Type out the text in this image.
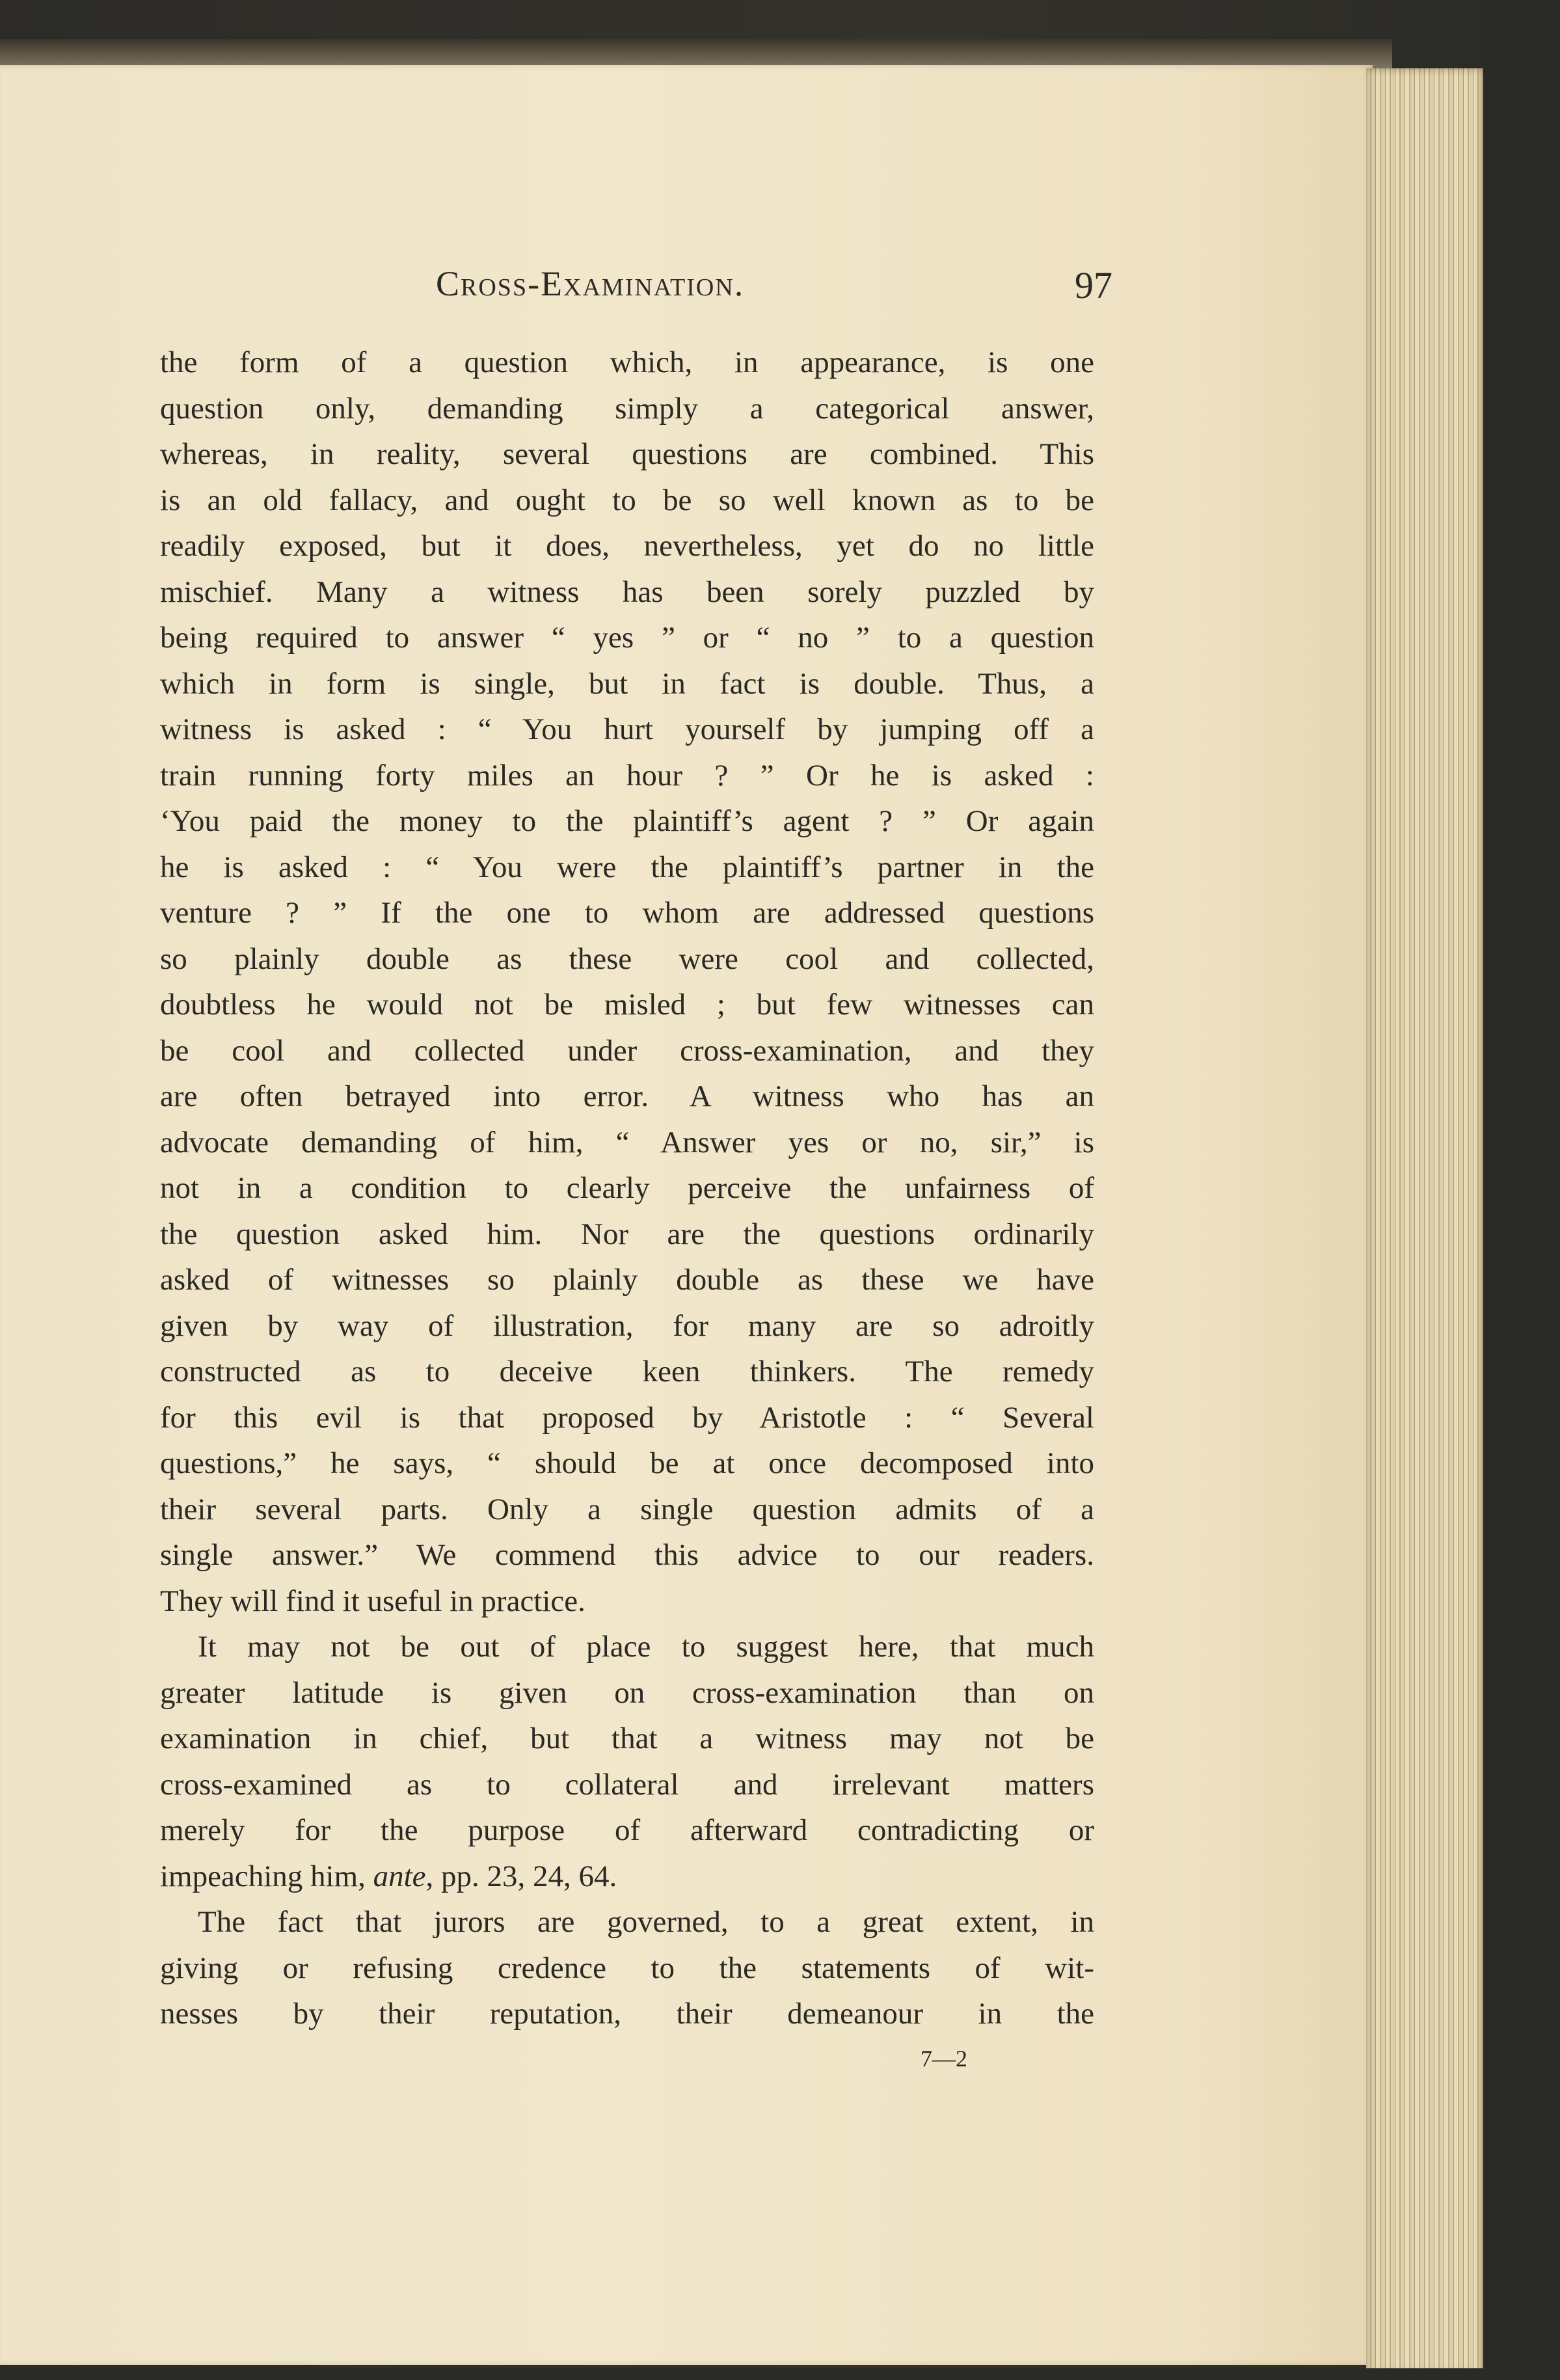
Cross-Examination.	97
the form of a question which, in appearance, is one
question only, demanding simply a categorical answer,
whereas, in reality, several questions are combined. This
is an old fallacy, and ought to be so well known as to be
readily exposed, but it does, nevertheless, yet do no little
mischief. Many a witness has been sorely puzzled by
being required to answer “ yes ” or “ no ” to a question
which in form is single, but in fact is double. Thus, a
witness is asked : “ You hurt yourself by jumping off a
train running forty miles an hour ? ” Or he is asked :
‘You paid the money to the plaintiff’s agent ? ” Or again
he is asked : “ You were the plaintiff’s partner in the
venture ? ” If the one to whom are addressed questions
so plainly double as these were cool and collected,
doubtless he would not be misled ; but few witnesses can
be cool and collected under cross-examination, and they
are often betrayed into error. A witness who has an
advocate demanding of him, “ Answer yes or no, sir,” is
not in a condition to clearly perceive the unfairness of
the question asked him. Nor are the questions ordinarily
asked of witnesses so plainly double as these we have
given by way of illustration, for many are so adroitly
constructed as to deceive keen thinkers. The remedy
for this evil is that proposed by Aristotle : “ Several
questions,” he says, “ should be at once decomposed into
their several parts. Only a single question admits of a
single answer.” We commend this advice to our readers.
They will find it useful in practice.
It may not be out of place to suggest here, that much
greater latitude is given on cross-examination than on
examination in chief, but that a witness may not be
cross-examined as to collateral and irrelevant matters
merely for the purpose of afterward contradicting or
impeaching him, ante, pp. 23, 24, 64.
The fact that jurors are governed, to a great extent, in
giving or refusing credence to the statements of wit-
nesses by their reputation, their demeanour in the
7—2
